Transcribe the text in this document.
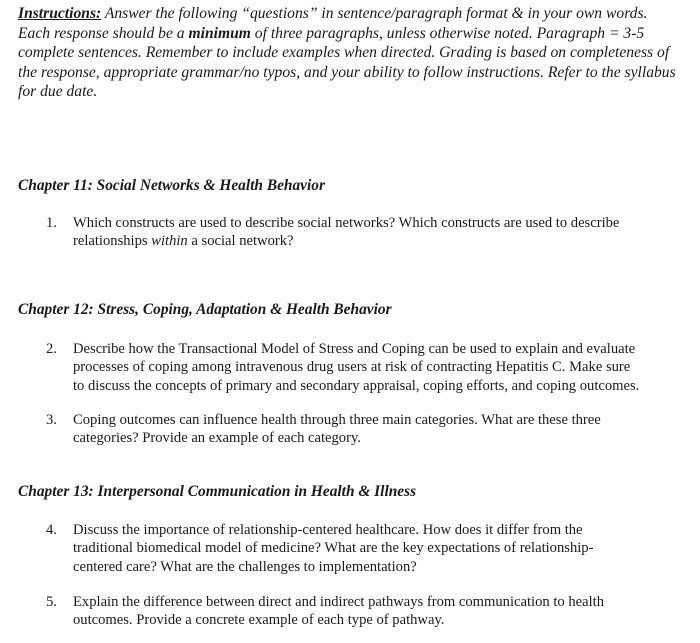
Instructions: Answer the following “questions” in sentence/paragraph format & in your own words. Each response should be a minimum of three paragraphs, unless otherwise noted. Paragraph = 3-5 complete sentences. Remember to include examples when directed. Grading is based on completeness of the response, appropriate grammar/no typos, and your ability to follow instructions. Refer to the syllabus for due date.
Chapter 11: Social Networks & Health Behavior
1.	Which constructs are used to describe social networks? Which constructs are used to describe
relationships within a social network?
Chapter 12: Stress, Coping, Adaptation & Health Behavior
2.	Describe how the Transactional Model of Stress and Coping can be used to explain and evaluate
processes of coping among intravenous drug users at risk of contracting Hepatitis C. Make sure
to discuss the concepts of primary and secondary appraisal, coping efforts, and coping outcomes.
3.	Coping outcomes can influence health through three main categories. What are these three
categories? Provide an example of each category.
Chapter 13: Interpersonal Communication in Health & Illness
4.	Discuss the importance of relationship-centered healthcare. How does it differ from the
traditional biomedical model of medicine? What are the key expectations of relationship-
centered care? What are the challenges to implementation?
5.	Explain the difference between direct and indirect pathways from communication to health
outcomes. Provide a concrete example of each type of pathway.
